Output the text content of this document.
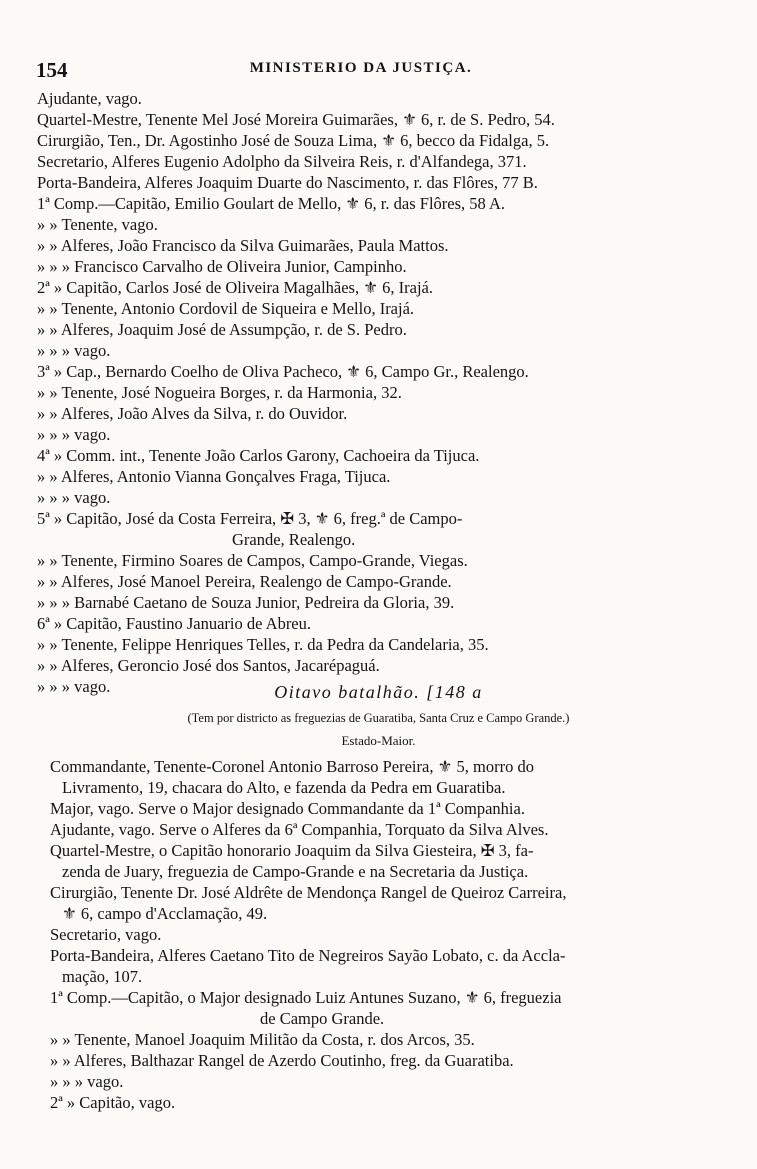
154	MINISTERIO DA JUSTIÇA.
Ajudante, vago.
Quartel-Mestre, Tenente Mel José Moreira Guimarães, ⚜ 6, r. de S. Pedro, 54.
Cirurgião, Ten., Dr. Agostinho José de Souza Lima, ⚜ 6, becco da Fidalga, 5.
Secretario, Alferes Eugenio Adolpho da Silveira Reis, r. d'Alfandega, 371.
Porta-Bandeira, Alferes Joaquim Duarte do Nascimento, r. das Flôres, 77 B.
1ª Comp.—Capitão, Emilio Goulart de Mello, ⚜ 6, r. das Flôres, 58 A.
» » Tenente, vago.
» » Alferes, João Francisco da Silva Guimarães, Paula Mattos.
» » » Francisco Carvalho de Oliveira Junior, Campinho.
2ª » Capitão, Carlos José de Oliveira Magalhães, ⚜ 6, Irajá.
» » Tenente, Antonio Cordovil de Siqueira e Mello, Irajá.
» » Alferes, Joaquim José de Assumpção, r. de S. Pedro.
» » » vago.
3ª » Cap., Bernardo Coelho de Oliva Pacheco, ⚜ 6, Campo Gr., Realengo.
» » Tenente, José Nogueira Borges, r. da Harmonia, 32.
» » Alferes, João Alves da Silva, r. do Ouvidor.
» » » vago.
4ª » Comm. int., Tenente João Carlos Garony, Cachoeira da Tijuca.
» » Alferes, Antonio Vianna Gonçalves Fraga, Tijuca.
» » » vago.
5ª » Capitão, José da Costa Ferreira, ✠ 3, ⚜ 6, freg.ª de Campo-
Grande, Realengo.
» » Tenente, Firmino Soares de Campos, Campo-Grande, Viegas.
» » Alferes, José Manoel Pereira, Realengo de Campo-Grande.
» » » Barnabé Caetano de Souza Junior, Pedreira da Gloria, 39.
6ª » Capitão, Faustino Januario de Abreu.
» » Tenente, Felippe Henriques Telles, r. da Pedra da Candelaria, 35.
» » Alferes, Geroncio José dos Santos, Jacarépaguá.
» » » vago.	Oitavo batalhão. [148 a
(Tem por districto as freguezias de Guaratiba, Santa Cruz e Campo Grande.)
Estado-Maior.
Commandante, Tenente-Coronel Antonio Barroso Pereira, ⚜ 5, morro do
Livramento, 19, chacara do Alto, e fazenda da Pedra em Guaratiba.
Major, vago. Serve o Major designado Commandante da 1ª Companhia.
Ajudante, vago. Serve o Alferes da 6ª Companhia, Torquato da Silva Alves.
Quartel-Mestre, o Capitão honorario Joaquim da Silva Giesteira, ✠ 3, fa-
zenda de Juary, freguezia de Campo-Grande e na Secretaria da Justiça.
Cirurgião, Tenente Dr. José Aldrête de Mendonça Rangel de Queiroz Carreira,
⚜ 6, campo d'Acclamação, 49.
Secretario, vago.
Porta-Bandeira, Alferes Caetano Tito de Negreiros Sayão Lobato, c. da Accla-
mação, 107.
1ª Comp.—Capitão, o Major designado Luiz Antunes Suzano, ⚜ 6, freguezia
de Campo Grande.
» » Tenente, Manoel Joaquim Militão da Costa, r. dos Arcos, 35.
» » Alferes, Balthazar Rangel de Azerdo Coutinho, freg. da Guaratiba.
» » » vago.
2ª » Capitão, vago.
